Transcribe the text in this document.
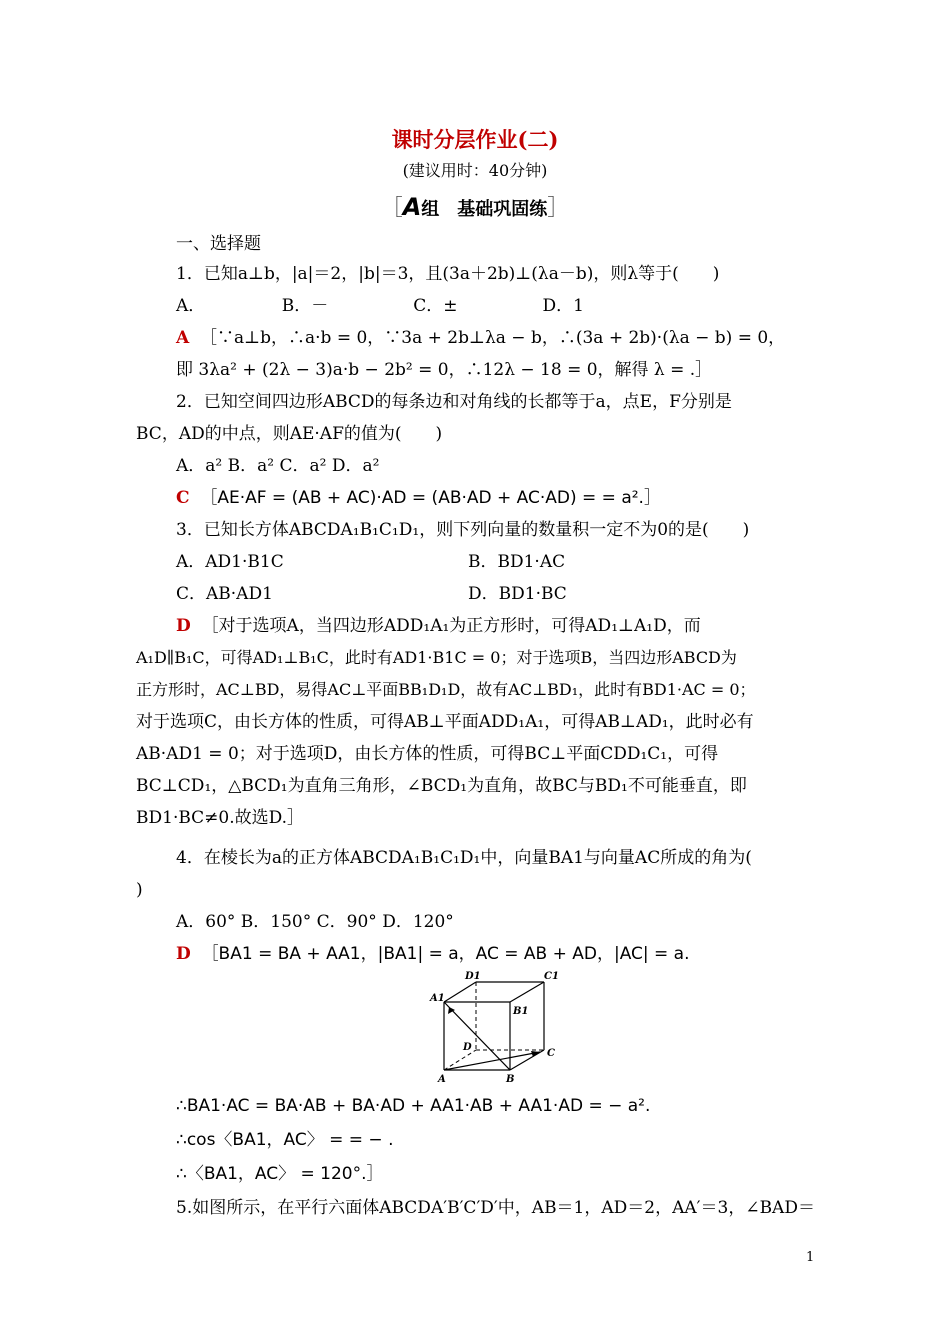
课时分层作业(二)
(建议用时：40分钟)
［A组　基础巩固练］
一、选择题
1．已知a⊥b，|a|＝2，|b|＝3，且(3a＋2b)⊥(λa－b)，则λ等于(　　)
A．　　　　　B．－　　　　　C．±　　　　　D．1
A ［∵a⊥b，∴a·b = 0，∵3a + 2b⊥λa − b，∴(3a + 2b)·(λa − b) = 0，
即 3λa² + (2λ − 3)a·b − 2b² = 0，∴12λ − 18 = 0，解得 λ = .］
2．已知空间四边形ABCD的每条边和对角线的长都等于a，点E，F分别是
BC，AD的中点，则AE·AF的值为(　　)
A．a² B．a² C．a² D．a²
C ［AE·AF = (AB + AC)·AD = (AB·AD + AC·AD) = = a².］
3．已知长方体ABCDA₁B₁C₁D₁，则下列向量的数量积一定不为0的是(　　)
A．AD1·B1C	B．BD1·AC
C．AB·AD1	D．BD1·BC
D ［对于选项A，当四边形ADD₁A₁为正方形时，可得AD₁⊥A₁D，而
A₁D∥B₁C，可得AD₁⊥B₁C，此时有AD1·B1C = 0；对于选项B，当四边形ABCD为
正方形时，AC⊥BD，易得AC⊥平面BB₁D₁D，故有AC⊥BD₁，此时有BD1·AC = 0；
对于选项C，由长方体的性质，可得AB⊥平面ADD₁A₁，可得AB⊥AD₁，此时必有
AB·AD1 = 0；对于选项D，由长方体的性质，可得BC⊥平面CDD₁C₁，可得
BC⊥CD₁，△BCD₁为直角三角形，∠BCD₁为直角，故BC与BD₁不可能垂直，即
BD1·BC≠0.故选D.］
4．在棱长为a的正方体ABCDA₁B₁C₁D₁中，向量BA1与向量AC所成的角为(
)
A．60° B．150° C．90° D．120°
D ［BA1 = BA + AA1，|BA1| = a，AC = AB + AD，|AC| = a.
D1	C1
A1
B1
D
C
A	B
∴BA1·AC = BA·AB + BA·AD + AA1·AB + AA1·AD = − a².
∴cos〈BA1，AC〉 = = − .
∴〈BA1，AC〉 = 120°.］
5.如图所示，在平行六面体ABCDA′B′C′D′中，AB＝1，AD＝2，AA′＝3，∠BAD＝
1
